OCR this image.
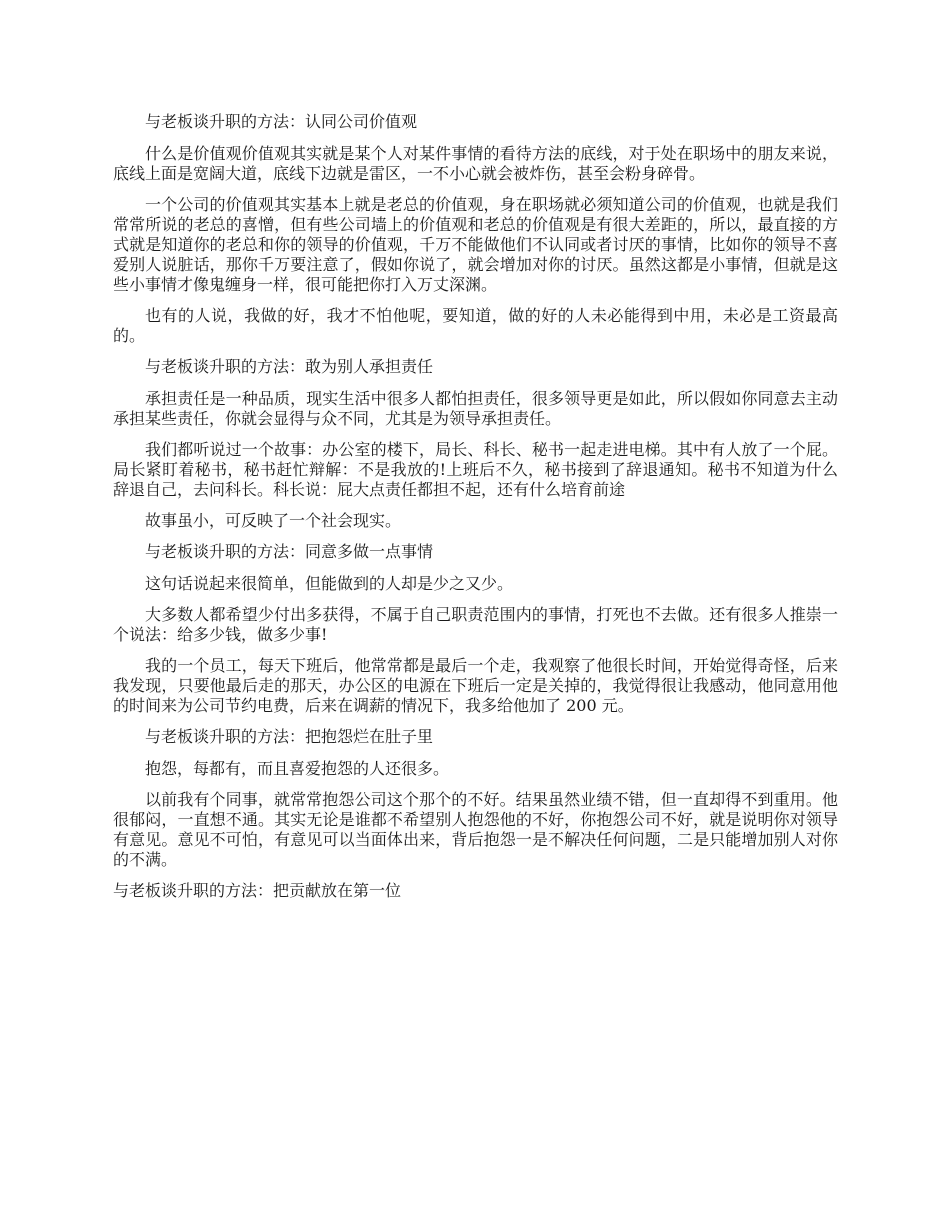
与老板谈升职的方法：认同公司价值观

什么是价值观价值观其实就是某个人对某件事情的看待方法的底线，对于处在职场中的朋友来说，底线上面是宽阔大道，底线下边就是雷区，一不小心就会被炸伤，甚至会粉身碎骨。

一个公司的价值观其实基本上就是老总的价值观，身在职场就必须知道公司的价值观，也就是我们常常所说的老总的喜憎，但有些公司墙上的价值观和老总的价值观是有很大差距的，所以，最直接的方式就是知道你的老总和你的领导的价值观，千万不能做他们不认同或者讨厌的事情，比如你的领导不喜爱别人说脏话，那你千万要注意了，假如你说了，就会增加对你的讨厌。虽然这都是小事情，但就是这些小事情才像鬼缠身一样，很可能把你打入万丈深渊。

也有的人说，我做的好，我才不怕他呢，要知道，做的好的人未必能得到中用，未必是工资最高的。

与老板谈升职的方法：敢为别人承担责任

承担责任是一种品质，现实生活中很多人都怕担责任，很多领导更是如此，所以假如你同意去主动承担某些责任，你就会显得与众不同，尤其是为领导承担责任。

我们都听说过一个故事：办公室的楼下，局长、科长、秘书一起走进电梯。其中有人放了一个屁。局长紧盯着秘书，秘书赶忙辩解：不是我放的!上班后不久，秘书接到了辞退通知。秘书不知道为什么辞退自己，去问科长。科长说：屁大点责任都担不起，还有什么培育前途

故事虽小，可反映了一个社会现实。

与老板谈升职的方法：同意多做一点事情

这句话说起来很简单，但能做到的人却是少之又少。

大多数人都希望少付出多获得，不属于自己职责范围内的事情，打死也不去做。还有很多人推崇一个说法：给多少钱，做多少事!

我的一个员工，每天下班后，他常常都是最后一个走，我观察了他很长时间，开始觉得奇怪，后来我发现，只要他最后走的那天，办公区的电源在下班后一定是关掉的，我觉得很让我感动，他同意用他的时间来为公司节约电费，后来在调薪的情况下，我多给他加了 200 元。

与老板谈升职的方法：把抱怨烂在肚子里

抱怨，每都有，而且喜爱抱怨的人还很多。

以前我有个同事，就常常抱怨公司这个那个的不好。结果虽然业绩不错，但一直却得不到重用。他很郁闷，一直想不通。其实无论是谁都不希望别人抱怨他的不好，你抱怨公司不好，就是说明你对领导有意见。意见不可怕，有意见可以当面体出来，背后抱怨一是不解决任何问题，二是只能增加别人对你的不满。

与老板谈升职的方法：把贡献放在第一位
